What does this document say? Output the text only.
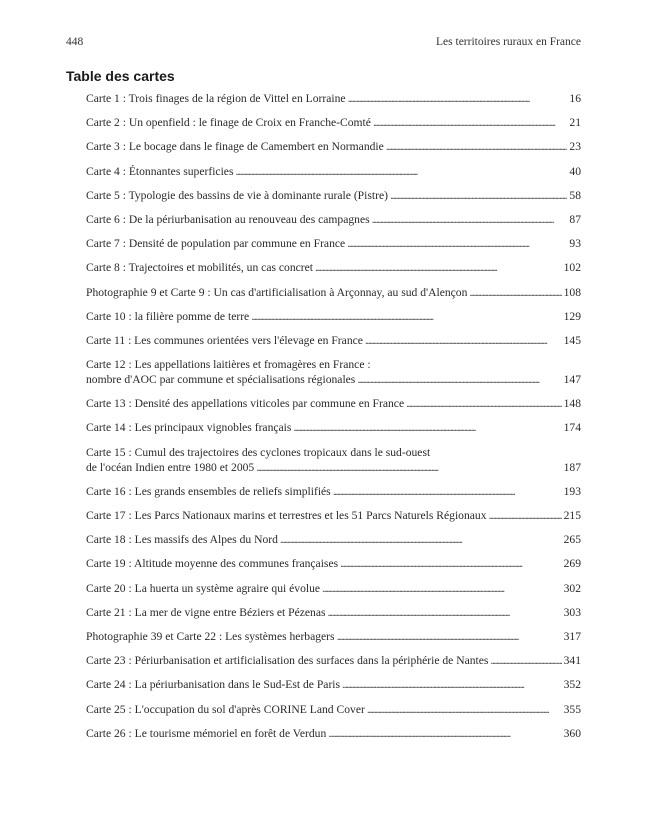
448	Les territoires ruraux en France
Table des cartes
Carte 1 : Trois finages de la région de Vittel en Lorraine . . .	16
Carte 2 : Un openfield : le finage de Croix en Franche-Comté . . .	21
Carte 3 : Le bocage dans le finage de Camembert en Normandie . . .	23
Carte 4 : Étonnantes superficies . . .	40
Carte 5 : Typologie des bassins de vie à dominante rurale (Pistre) . . .	58
Carte 6 : De la périurbanisation au renouveau des campagnes . . .	87
Carte 7 : Densité de population par commune en France . . .	93
Carte 8 : Trajectoires et mobilités, un cas concret . . .	102
Photographie 9 et Carte 9 : Un cas d'artificialisation à Arçonnay, au sud d'Alençon . . .	108
Carte 10 : la filière pomme de terre . . .	129
Carte 11 : Les communes orientées vers l'élevage en France . . .	145
Carte 12 : Les appellations laitières et fromagères en France :
nombre d'AOC par commune et spécialisations régionales . . .	147
Carte 13 : Densité des appellations viticoles par commune en France . . .	148
Carte 14 : Les principaux vignobles français . . .	174
Carte 15 : Cumul des trajectoires des cyclones tropicaux dans le sud-ouest
de l'océan Indien entre 1980 et 2005 . . .	187
Carte 16 : Les grands ensembles de reliefs simplifiés . . .	193
Carte 17 : Les Parcs Nationaux marins et terrestres et les 51 Parcs Naturels Régionaux . . .	215
Carte 18 : Les massifs des Alpes du Nord . . .	265
Carte 19 : Altitude moyenne des communes françaises . . .	269
Carte 20 : La huerta un système agraire qui évolue . . .	302
Carte 21 : La mer de vigne entre Béziers et Pézenas . . .	303
Photographie 39 et Carte 22 : Les systèmes herbagers . . .	317
Carte 23 : Périurbanisation et artificialisation des surfaces dans la périphérie de Nantes . . .	341
Carte 24 : La périurbanisation dans le Sud-Est de Paris . . .	352
Carte 25 : L'occupation du sol d'après CORINE Land Cover . . .	355
Carte 26 : Le tourisme mémoriel en forêt de Verdun . . .	360
